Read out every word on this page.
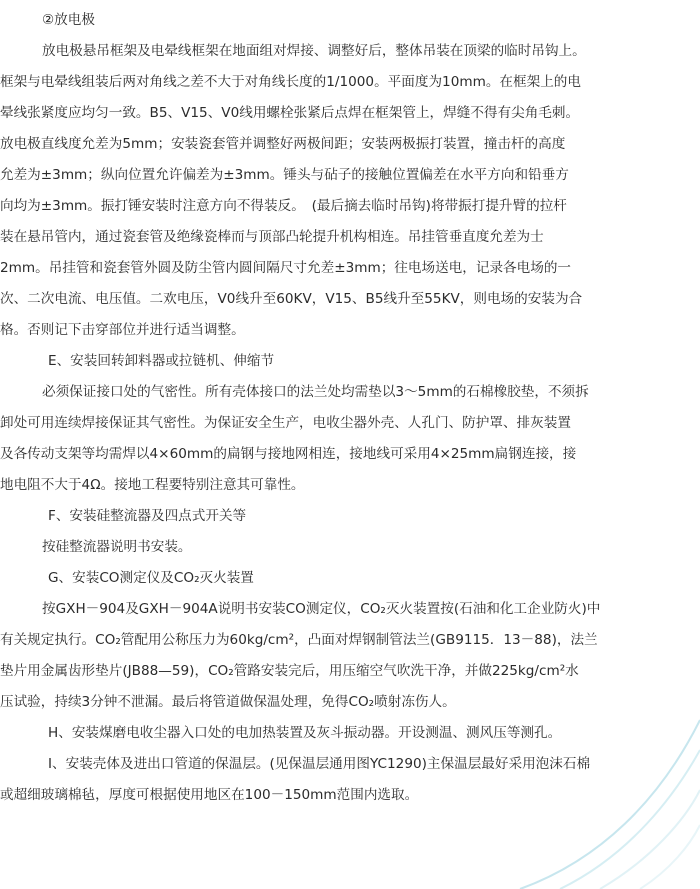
②放电极
放电极悬吊框架及电晕线框架在地面组对焊接、调整好后，整体吊装在顶梁的临时吊钩上。
框架与电晕线组装后两对角线之差不大于对角线长度的1/1000。平面度为10mm。在框架上的电
晕线张紧度应均匀一致。B5、V15、V0线用螺栓张紧后点焊在框架管上，焊缝不得有尖角毛刺。
放电极直线度允差为5mm；安装瓷套管并调整好两极间距；安装两极振打装置，撞击杆的高度
允差为±3mm；纵向位置允许偏差为±3mm。锤头与砧子的接触位置偏差在水平方向和铅垂方
向均为±3mm。振打锤安装时注意方向不得装反。　(最后摘去临时吊钩)将带振打提升臂的拉杆
装在悬吊管内，通过瓷套管及绝缘瓷棒而与顶部凸轮提升机构相连。吊挂管垂直度允差为士
2mm。吊挂管和瓷套管外圆及防尘管内圆间隔尺寸允差±3mm；往电场送电，记录各电场的一
次、二次电流、电压值。二欢电压，V0线升至60KV，V15、B5线升至55KV，则电场的安装为合
格。否则记下击穿部位并进行适当调整。
E、安装回转卸料器或拉链机、伸缩节
必须保证接口处的气密性。所有壳体接口的法兰处均需垫以3～5mm的石棉橡胶垫，不须拆
卸处可用连续焊接保证其气密性。为保证安全生产，电收尘器外壳、人孔门、防护罩、排灰装置
及各传动支架等均需焊以4×60mm的扁钢与接地网相连，接地线可采用4×25mm扁钢连接，接
地电阻不大于4Ω。接地工程要特别注意其可靠性。
F、安装硅整流器及四点式开关等
按硅整流器说明书安装。
G、安装CO测定仪及CO₂灭火装置
按GXH－904及GXH－904A说明书安装CO测定仪，CO₂灭火装置按(石油和化工企业防火)中
有关规定执行。CO₂管配用公称压力为60kg/cm²，凸面对焊钢制管法兰(GB9115．13－88)，法兰
垫片用金属齿形垫片(JB88—59)，CO₂管路安装完后，用压缩空气吹洗干净，并做225kg/cm²水
压试验，持续3分钟不泄漏。最后将管道做保温处理，免得CO₂喷射冻伤人。
H、安装煤磨电收尘器入口处的电加热装置及灰斗振动器。开设测温、测风压等测孔。
I、安装壳体及进出口管道的保温层。(见保温层通用图YC1290)主保温层最好采用泡沫石棉
或超细玻璃棉毡，厚度可根据使用地区在100－150mm范围内选取。
